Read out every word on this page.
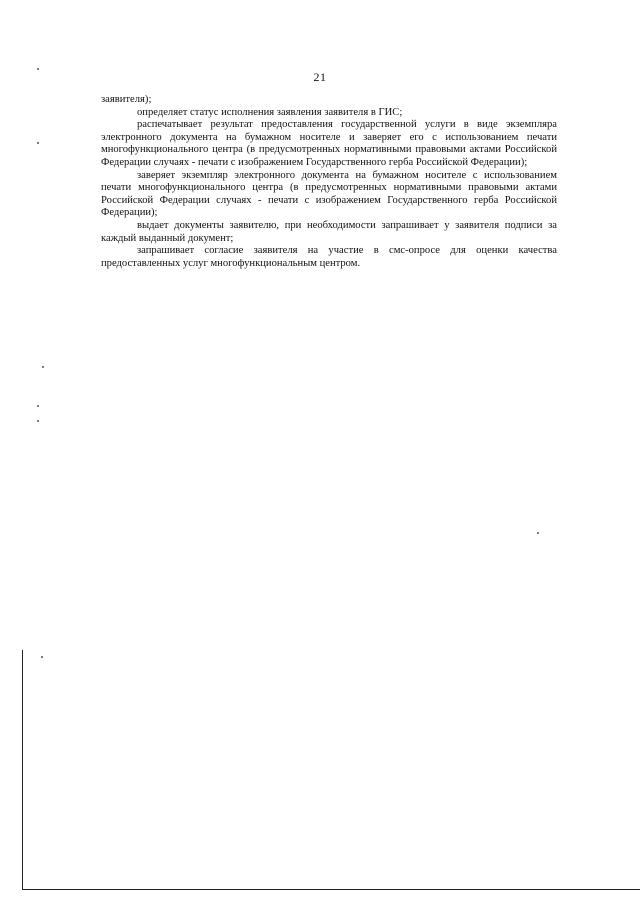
21

заявителя);

определяет статус исполнения заявления заявителя в ГИС;

распечатывает результат предоставления государственной услуги в виде экземпляра электронного документа на бумажном носителе и заверяет его с использованием печати многофункционального центра (в предусмотренных нормативными правовыми актами Российской Федерации случаях - печати с изображением Государственного герба Российской Федерации);

заверяет экземпляр электронного документа на бумажном носителе с использованием печати многофункционального центра (в предусмотренных нормативными правовыми актами Российской Федерации случаях - печати с изображением Государственного герба Российской Федерации);

выдает документы заявителю, при необходимости запрашивает у заявителя подписи за каждый выданный документ;

запрашивает согласие заявителя на участие в смс-опросе для оценки качества предоставленных услуг многофункциональным центром.
